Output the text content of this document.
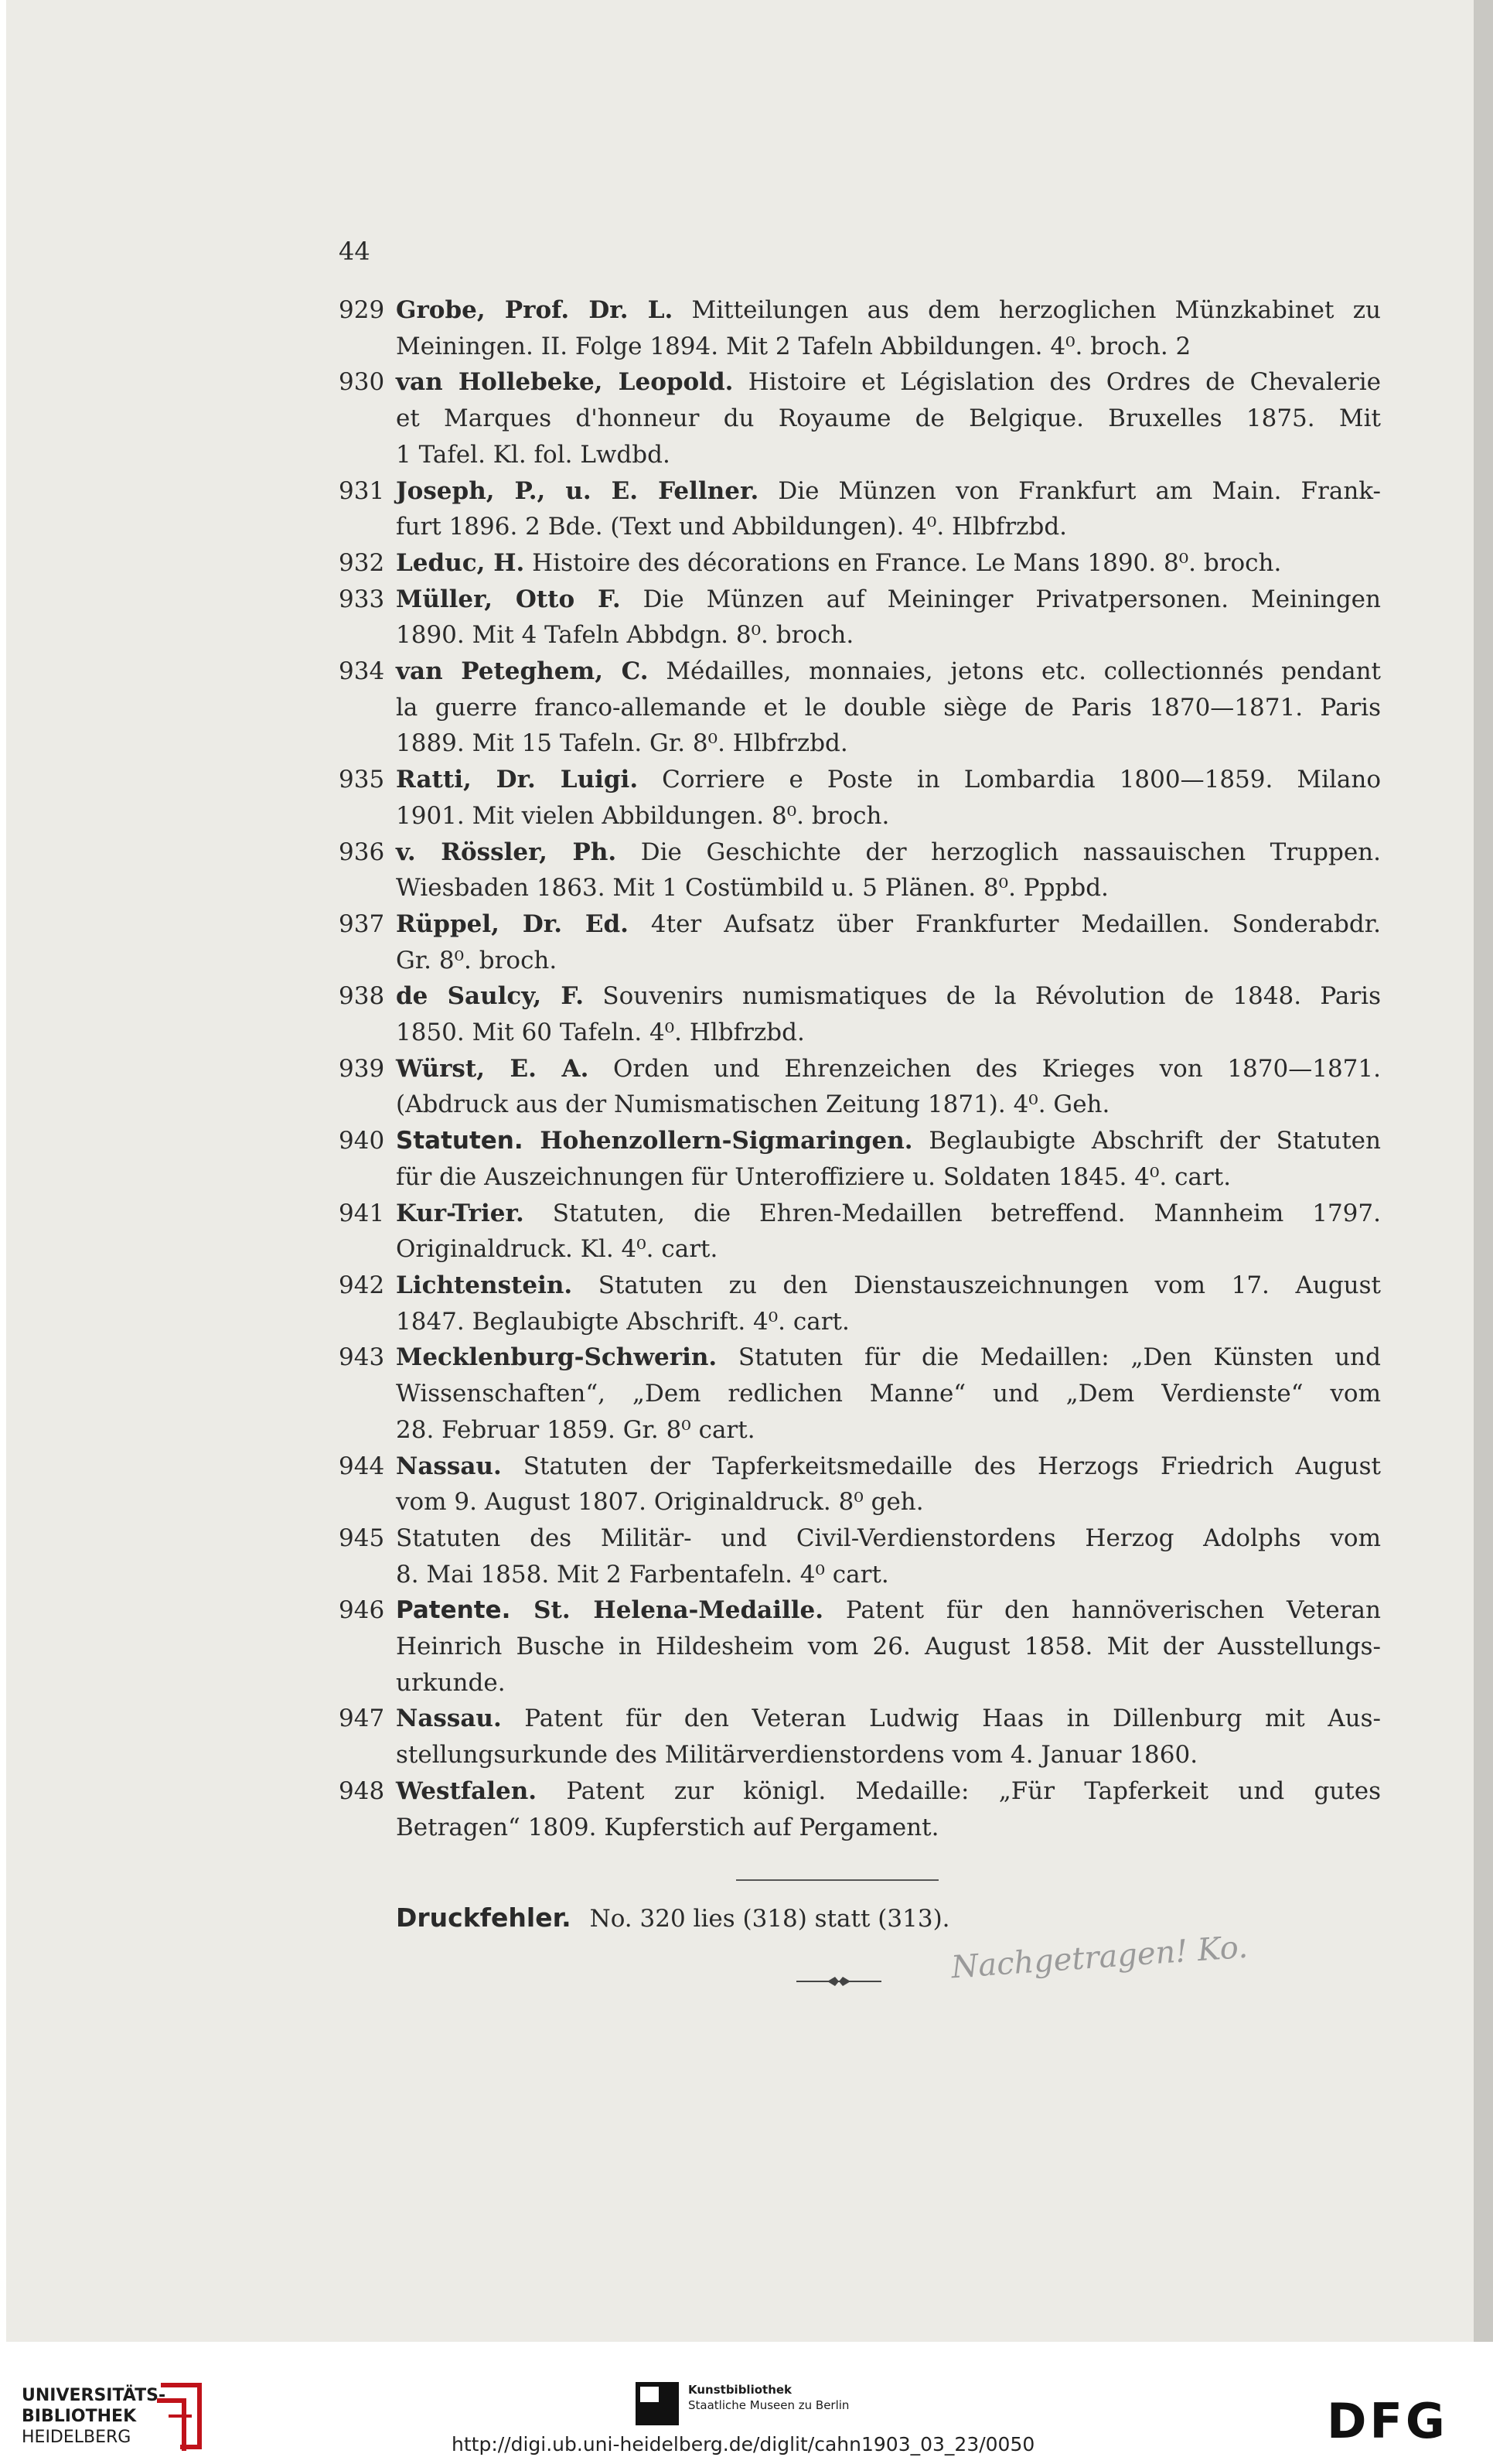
44
929 Grobe, Prof. Dr. L. Mitteilungen aus dem herzoglichen Münzkabinet zu
Meiningen. II. Folge 1894. Mit 2 Tafeln Abbildungen. 4⁰. broch. 2
930 van Hollebeke, Leopold. Histoire et Législation des Ordres de Chevalerie
et Marques d'honneur du Royaume de Belgique. Bruxelles 1875. Mit
1 Tafel. Kl. fol. Lwdbd.
931 Joseph, P., u. E. Fellner. Die Münzen von Frankfurt am Main. Frank-
furt 1896. 2 Bde. (Text und Abbildungen). 4⁰. Hlbfrzbd.
932 Leduc, H. Histoire des décorations en France. Le Mans 1890. 8⁰. broch.
933 Müller, Otto F. Die Münzen auf Meininger Privatpersonen. Meiningen
1890. Mit 4 Tafeln Abbdgn. 8⁰. broch.
934 van Peteghem, C. Médailles, monnaies, jetons etc. collectionnés pendant
la guerre franco-allemande et le double siège de Paris 1870—1871. Paris
1889. Mit 15 Tafeln. Gr. 8⁰. Hlbfrzbd.
935 Ratti, Dr. Luigi. Corriere e Poste in Lombardia 1800—1859. Milano
1901. Mit vielen Abbildungen. 8⁰. broch.
936 v. Rössler, Ph. Die Geschichte der herzoglich nassauischen Truppen.
Wiesbaden 1863. Mit 1 Costümbild u. 5 Plänen. 8⁰. Pppbd.
937 Rüppel, Dr. Ed. 4ter Aufsatz über Frankfurter Medaillen. Sonderabdr.
Gr. 8⁰. broch.
938 de Saulcy, F. Souvenirs numismatiques de la Révolution de 1848. Paris
1850. Mit 60 Tafeln. 4⁰. Hlbfrzbd.
939 Würst, E. A. Orden und Ehrenzeichen des Krieges von 1870—1871.
(Abdruck aus der Numismatischen Zeitung 1871). 4⁰. Geh.
940 Statuten. Hohenzollern-Sigmaringen. Beglaubigte Abschrift der Statuten
für die Auszeichnungen für Unteroffiziere u. Soldaten 1845. 4⁰. cart.
941 Kur-Trier. Statuten, die Ehren-Medaillen betreffend. Mannheim 1797.
Originaldruck. Kl. 4⁰. cart.
942 Lichtenstein. Statuten zu den Dienstauszeichnungen vom 17. August
1847. Beglaubigte Abschrift. 4⁰. cart.
943 Mecklenburg-Schwerin. Statuten für die Medaillen: „Den Künsten und
Wissenschaften“, „Dem redlichen Manne“ und „Dem Verdienste“ vom
28. Februar 1859. Gr. 8⁰ cart.
944 Nassau. Statuten der Tapferkeitsmedaille des Herzogs Friedrich August
vom 9. August 1807. Originaldruck. 8⁰ geh.
945 Statuten des Militär- und Civil-Verdienstordens Herzog Adolphs vom
8. Mai 1858. Mit 2 Farbentafeln. 4⁰ cart.
946 Patente. St. Helena-Medaille. Patent für den hannöverischen Veteran
Heinrich Busche in Hildesheim vom 26. August 1858. Mit der Ausstellungs-
urkunde.
947 Nassau. Patent für den Veteran Ludwig Haas in Dillenburg mit Aus-
stellungsurkunde des Militärverdienstordens vom 4. Januar 1860.
948 Westfalen. Patent zur königl. Medaille: „Für Tapferkeit und gutes
Betragen“ 1809. Kupferstich auf Pergament.
Druckfehler. No. 320 lies (318) statt (313).
Nachgetragen! Ko.
UNIVERSITÄTS-
BIBLIOTHEK
HEIDELBERG
Kunstbibliothek
Staatliche Museen zu Berlin	DFG
http://digi.ub.uni-heidelberg.de/diglit/cahn1903_03_23/0050
